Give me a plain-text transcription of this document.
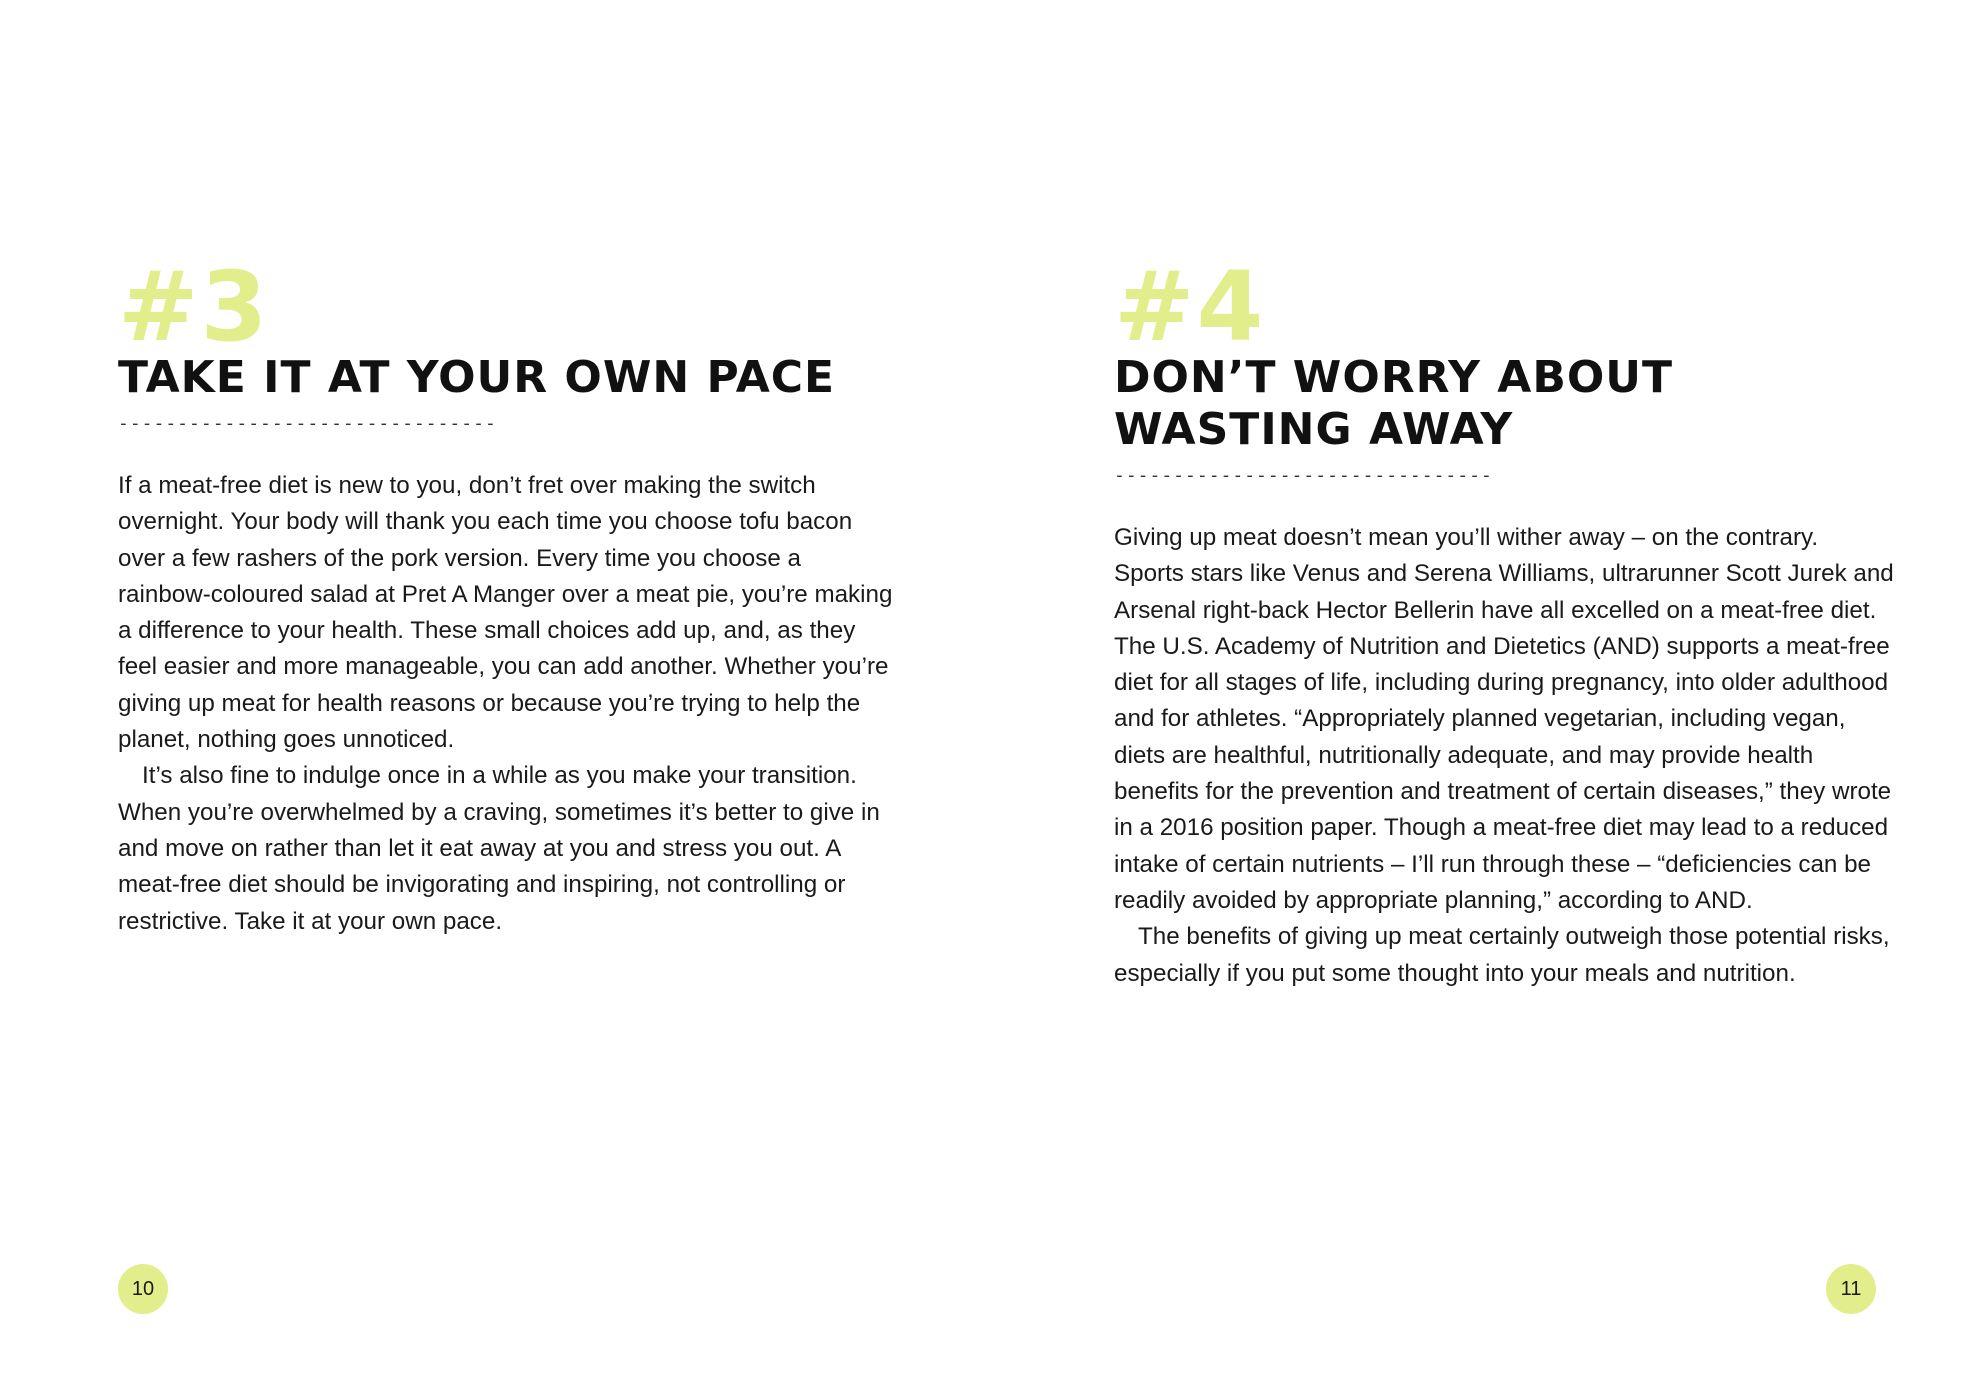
#3
TAKE IT AT YOUR OWN PACE
--------------------------------

If a meat-free diet is new to you, don’t fret over making the switch overnight. Your body will thank you each time you choose tofu bacon over a few rashers of the pork version. Every time you choose a rainbow-coloured salad at Pret A Manger over a meat pie, you’re making a difference to your health. These small choices add up, and, as they feel easier and more manageable, you can add another. Whether you’re giving up meat for health reasons or because you’re trying to help the planet, nothing goes unnoticed.

It’s also fine to indulge once in a while as you make your transition. When you’re overwhelmed by a craving, sometimes it’s better to give in and move on rather than let it eat away at you and stress you out. A meat-free diet should be invigorating and inspiring, not controlling or restrictive. Take it at your own pace.

10
#4
DON’T WORRY ABOUT
WASTING AWAY
--------------------------------

Giving up meat doesn’t mean you’ll wither away – on the contrary. Sports stars like Venus and Serena Williams, ultrarunner Scott Jurek and Arsenal right-back Hector Bellerin have all excelled on a meat-free diet. The U.S. Academy of Nutrition and Dietetics (AND) supports a meat-free diet for all stages of life, including during pregnancy, into older adulthood and for athletes. “Appropriately planned vegetarian, including vegan, diets are healthful, nutritionally adequate, and may provide health benefits for the prevention and treatment of certain diseases,” they wrote in a 2016 position paper. Though a meat-free diet may lead to a reduced intake of certain nutrients – I’ll run through these – “deficiencies can be readily avoided by appropriate planning,” according to AND.

The benefits of giving up meat certainly outweigh those potential risks, especially if you put some thought into your meals and nutrition.

11
